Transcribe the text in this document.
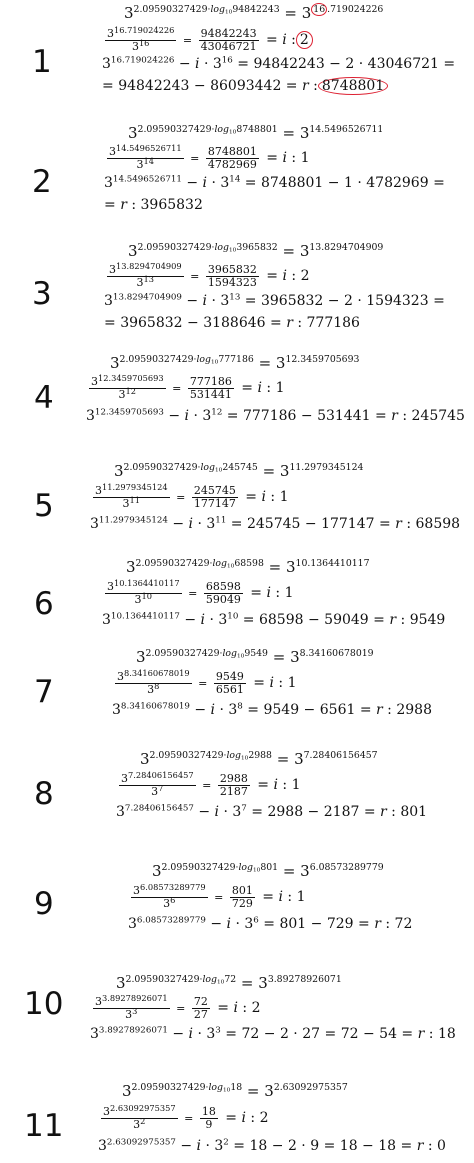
1
$3^{2.09590327429\cdot log_{10}94842243} = 3$ $^{16 .719024226}$
$\frac{3^{16.719024226}}{3^{16}} = \frac{94842243}{43046721} = i$ : 2
$3^{16.719024226} - i \cdot 3^{16} = 94842243 - 2 \cdot 43046721$ =
= 94842243 − 86093442 = r : 8748801
2
$3^{2.09590327429\cdot log_{10}8748801} = 3^{14.5496526711}$
$\frac{3^{14.5496526711}}{3^{14}} = \frac{8748801}{4782969} = i$ : 1
$3^{14.5496526711} - i \cdot 3^{14} = 8748801 - 1 \cdot 4782969$ =
= r : 3965832
3
$3^{2.09590327429\cdot log_{10}3965832} = 3^{13.8294704909}$
$\frac{3^{13.8294704909}}{3^{13}} = \frac{3965832}{1594323} = i$ : 2
$3^{13.8294704909} - i \cdot 3^{13} = 3965832 - 2 \cdot 1594323$ =
= 3965832 − 3188646 = r : 777186
4
$3^{2.09590327429\cdot log_{10}777186} = 3^{12.3459705693}$
$\frac{3^{12.3459705693}}{3^{12}} = \frac{777186}{531441} = i$ : 1
$3^{12.3459705693} - i \cdot 3^{12} = 777186 - 531441 = r$ : 245745
5
$3^{2.09590327429\cdot log_{10}245745} = 3^{11.2979345124}$
$\frac{3^{11.2979345124}}{3^{11}} = \frac{245745}{177147} = i$ : 1
$3^{11.2979345124} - i \cdot 3^{11} = 245745 - 177147 = r$ : 68598
6
$3^{2.09590327429\cdot log_{10}68598} = 3^{10.1364410117}$
$\frac{3^{10.1364410117}}{3^{10}} = \frac{68598}{59049} = i$ : 1
$3^{10.1364410117} - i \cdot 3^{10} = 68598 - 59049 = r$ : 9549
7
$3^{2.09590327429\cdot log_{10}9549} = 3^{8.34160678019}$
$\frac{3^{8.34160678019}}{3^8} = \frac{9549}{6561} = i$ : 1
$3^{8.34160678019} - i \cdot 3^8 = 9549 - 6561 = r$ : 2988
8
$3^{2.09590327429\cdot log_{10}2988} = 3^{7.28406156457}$
$\frac{3^{7.28406156457}}{3^7} = \frac{2988}{2187} = i$ : 1
$3^{7.28406156457} - i \cdot 3^7 = 2988 - 2187 = r$ : 801
9
$3^{2.09590327429\cdot log_{10}801} = 3^{6.08573289779}$
$\frac{3^{6.08573289779}}{3^6} = \frac{801}{729} = i$ : 1
$3^{6.08573289779} - i \cdot 3^6 = 801 - 729 = r$ : 72
10
$3^{2.09590327429\cdot log_{10}72} = 3^{3.89278926071}$
$\frac{3^{3.89278926071}}{3^3} = \frac{72}{27} = i$ : 2
$3^{3.89278926071} - i \cdot 3^3 = 72 - 2 \cdot 27 = 72 - 54 = r$ : 18
11
$3^{2.09590327429\cdot log_{10}18} = 3^{2.63092975357}$
$\frac{3^{2.63092975357}}{3^2} = \frac{18}{9} = i$ : 2
$3^{2.63092975357} - i \cdot 3^2 = 18 - 2 \cdot 9 = 18 - 18 = r$ : 0
